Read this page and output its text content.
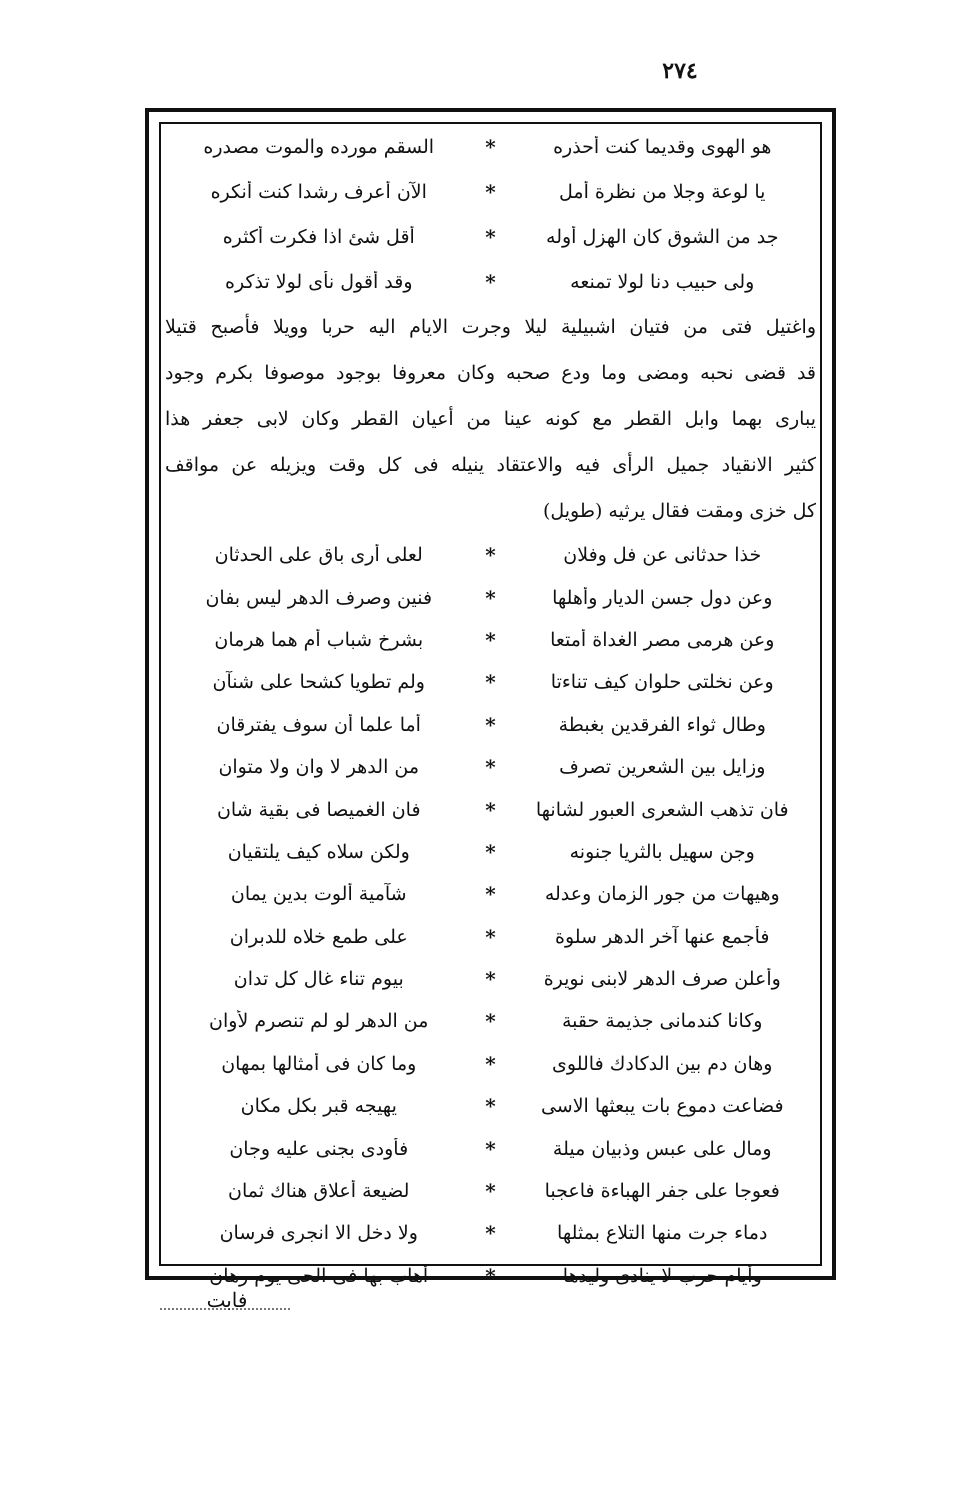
٢٧٤
هو الهوى وقديما كنت أحذره
*
السقم مورده والموت مصدره
يا لوعة وجلا من نظرة أمل
*
الآن أعرف رشدا كنت أنكره
جد من الشوق كان الهزل أوله
*
أقل شئ اذا فكرت أكثره
ولى حبيب دنا لولا تمنعه
*
وقد أقول نأى لولا تذكره
واغتيل فتى من فتيان اشبيلية ليلا وجرت الايام اليه حربا وويلا فأصبح قتيلا
قد قضى نحبه ومضى وما ودع صحبه وكان معروفا بوجود موصوفا بكرم وجود
يبارى بهما وابل القطر مع كونه عينا من أعيان القطر وكان لابى جعفر هذا
كثير الانقياد جميل الرأى فيه والاعتقاد ينيله فى كل وقت ويزيله عن مواقف
كل خزى ومقت فقال يرثيه (طويل)
خذا حدثانى عن فل وفلان
*
لعلى أرى باق على الحدثان
وعن دول جسن الديار وأهلها
*
فنين وصرف الدهر ليس بفان
وعن هرمى مصر الغداة أمتعا
*
بشرخ شباب أم هما هرمان
وعن نخلتى حلوان كيف تناءتا
*
ولم تطويا كشحا على شنآن
وطال ثواء الفرقدين بغبطة
*
أما علما أن سوف يفترقان
وزايل بين الشعرين تصرف
*
من الدهر لا وان ولا متوان
فان تذهب الشعرى العبور لشانها
*
فان الغميصا فى بقية شان
وجن سهيل بالثريا جنونه
*
ولكن سلاه كيف يلتقيان
وهيهات من جور الزمان وعدله
*
شآمية ألوت بدين يمان
فأجمع عنها آخر الدهر سلوة
*
على طمع خلاه للدبران
وأعلن صرف الدهر لابنى نويرة
*
بيوم تناء غال كل تدان
وكانا كندمانى جذيمة حقبة
*
من الدهر لو لم تنصرم لأوان
وهان دم بين الدكادك فاللوى
*
وما كان فى أمثالها بمهان
فضاعت دموع بات يبعثها الاسى
*
يهيجه قبر بكل مكان
ومال على عبس وذبيان ميلة
*
فأودى بجنى عليه وجان
فعوجا على جفر الهباءة فاعجبا
*
لضيعة أعلاق هناك ثمان
دماء جرت منها التلاع بمثلها
*
ولا دخل الا انجرى فرسان
وأيام حرب لا ينادى وليدها
*
أهاب بها فى الحى يوم رهان
فابت
